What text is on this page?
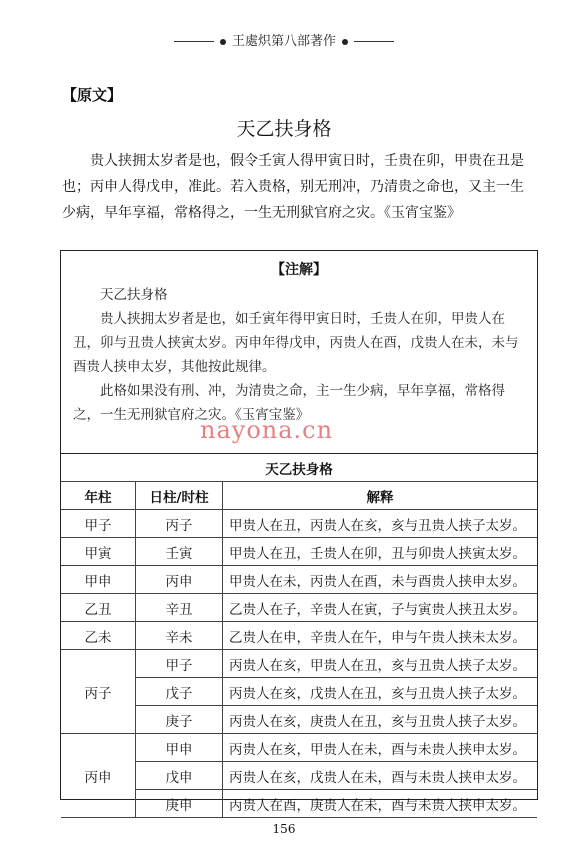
王處炽第八部著作
【原文】
天乙扶身格

贵人挟拥太岁者是也，假令壬寅人得甲寅日时，壬贵在卯，甲贵在丑是也；丙申人得戊申，准此。若入贵格，别无刑冲，乃清贵之命也，又主一生少病，早年享福，常格得之，一生无刑狱官府之灾。《玉宵宝鉴》

【注解】

天乙扶身格

贵人挟拥太岁者是也，如壬寅年得甲寅日时，壬贵人在卯，甲贵人在丑，卯与丑贵人挟寅太岁。丙申年得戊申，丙贵人在酉，戊贵人在未，未与酉贵人挟申太岁，其他按此规律。

此格如果没有刑、冲，为清贵之命，主一生少病，早年享福，常格得之，一生无刑狱官府之灾。《玉宵宝鉴》

天乙扶身格		
年柱	日柱/时柱	解释
甲子	丙子	甲贵人在丑，丙贵人在亥，亥与丑贵人挟子太岁。
甲寅	壬寅	甲贵人在丑，壬贵人在卯，丑与卯贵人挟寅太岁。
甲申	丙申	甲贵人在未，丙贵人在酉，未与酉贵人挟申太岁。
乙丑	辛丑	乙贵人在子，辛贵人在寅，子与寅贵人挟丑太岁。
乙未	辛未	乙贵人在申，辛贵人在午，申与午贵人挟未太岁。
丙子	甲子	丙贵人在亥，甲贵人在丑，亥与丑贵人挟子太岁。
	戊子	丙贵人在亥，戊贵人在丑，亥与丑贵人挟子太岁。
	庚子	丙贵人在亥，庚贵人在丑，亥与丑贵人挟子太岁。
丙申	甲申	丙贵人在亥，甲贵人在未，酉与未贵人挟申太岁。
	戊申	丙贵人在亥，戊贵人在未，酉与未贵人挟申太岁。
	庚申	丙贵人在酉，庚贵人在未，酉与未贵人挟申太岁。
nayona.cn
156
